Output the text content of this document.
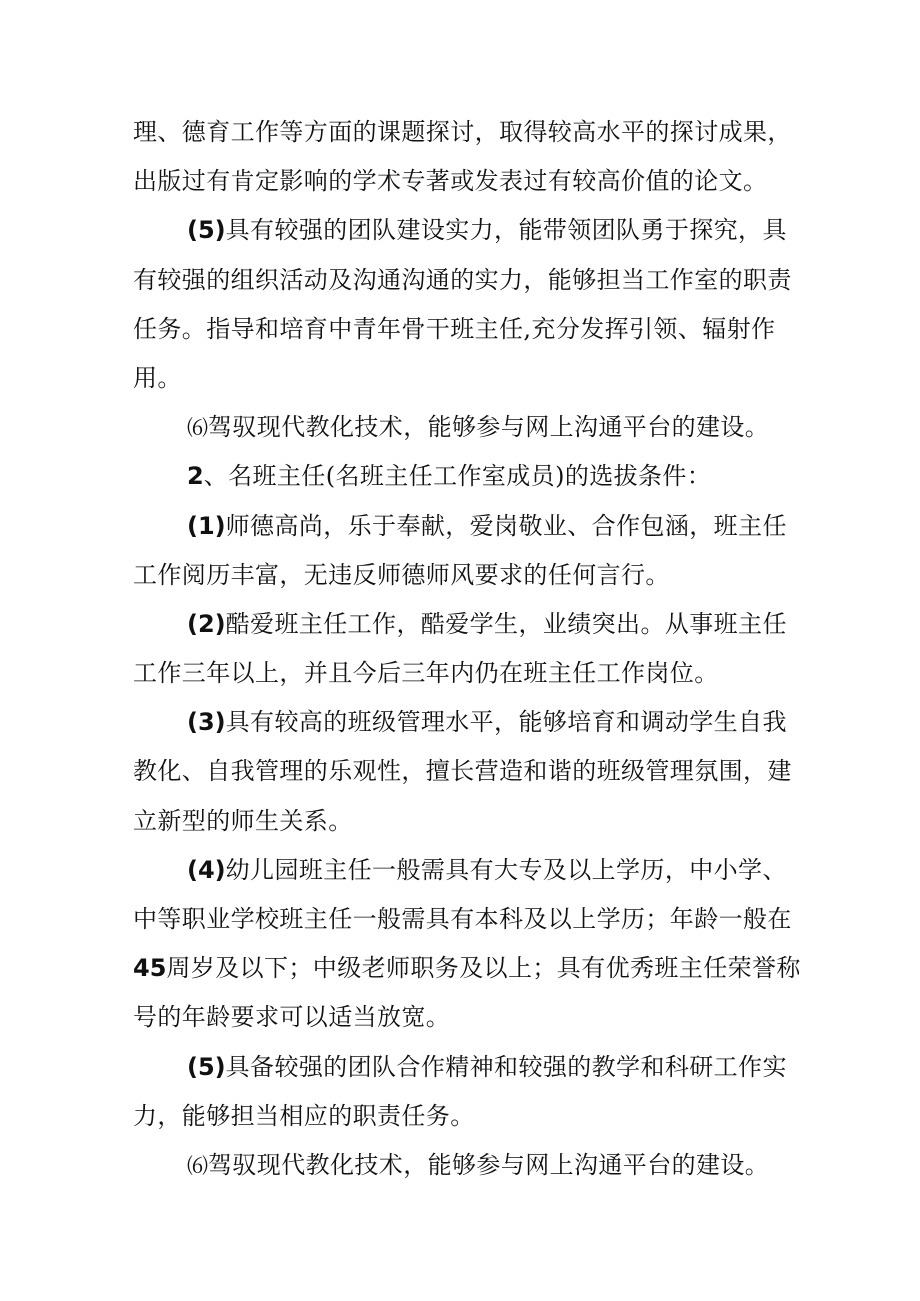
理、德育工作等方面的课题探讨，取得较高水平的探讨成果，
出版过有肯定影响的学术专著或发表过有较高价值的论文。
(5)具有较强的团队建设实力，能带领团队勇于探究，具
有较强的组织活动及沟通沟通的实力，能够担当工作室的职责
任务。指导和培育中青年骨干班主任,充分发挥引领、辐射作
用。
⑹驾驭现代教化技术，能够参与网上沟通平台的建设。
2、名班主任(名班主任工作室成员)的选拔条件：
(1)师德高尚，乐于奉献，爱岗敬业、合作包涵，班主任
工作阅历丰富，无违反师德师风要求的任何言行。
(2)酷爱班主任工作，酷爱学生，业绩突出。从事班主任
工作三年以上，并且今后三年内仍在班主任工作岗位。
(3)具有较高的班级管理水平，能够培育和调动学生自我
教化、自我管理的乐观性，擅长营造和谐的班级管理氛围，建
立新型的师生关系。
(4)幼儿园班主任一般需具有大专及以上学历，中小学、
中等职业学校班主任一般需具有本科及以上学历；年龄一般在
45周岁及以下；中级老师职务及以上；具有优秀班主任荣誉称
号的年龄要求可以适当放宽。
(5)具备较强的团队合作精神和较强的教学和科研工作实
力，能够担当相应的职责任务。
⑹驾驭现代教化技术，能够参与网上沟通平台的建设。
